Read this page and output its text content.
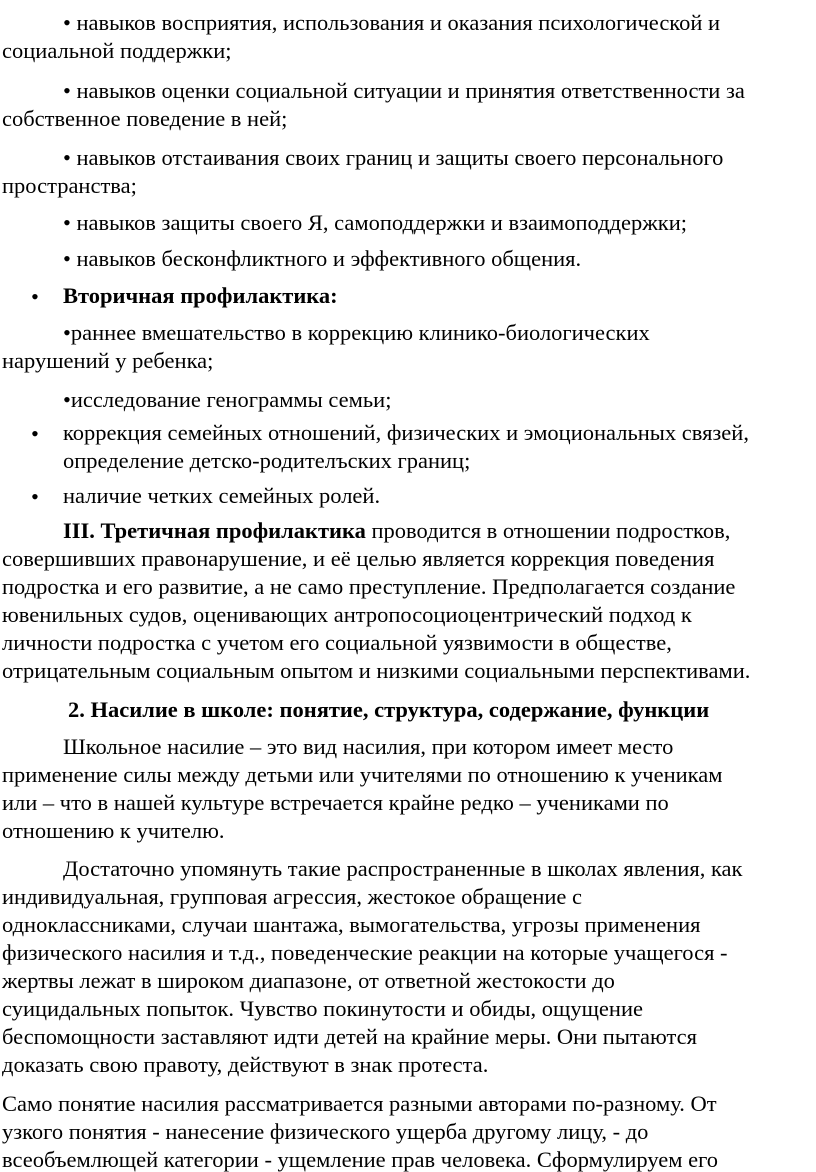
• навыков восприятия, использования и оказания психологической и
социальной поддержки;
• навыков оценки социальной ситуации и принятия ответственности за
собственное поведение в ней;
• навыков отстаивания своих границ и защиты своего персонального
пространства;
• навыков защиты своего Я, самоподдержки и взаимоподдержки;
• навыков бесконфликтного и эффективного общения.
• Вторичная профилактика:
•раннее вмешательство в коррекцию клинико-биологических
нарушений у ребенка;
•исследование генограммы семьи;
• коррекция семейных отношений, физических и эмоциональных связей,
определение детско-родителъских границ;
• наличие четких семейных ролей.
III. Третичная профилактика проводится в отношении подростков,
совершивших правонарушение, и её целью является коррекция поведения
подростка и его развитие, а не само преступление. Предполагается создание
ювенильных судов, оценивающих антропосоциоцентрический подход к
личности подростка с учетом его социальной уязвимости в обществе,
отрицательным социальным опытом и низкими социальными перспективами.
2. Насилие в школе: понятие, структура, содержание, функции
Школьное насилие – это вид насилия, при котором имеет место
применение силы между детьми или учителями по отношению к ученикам
или – что в нашей культуре встречается крайне редко – учениками по
отношению к учителю.
Достаточно упомянуть такие распространенные в школах явления, как
индивидуальная, групповая агрессия, жестокое обращение с
одноклассниками, случаи шантажа, вымогательства, угрозы применения
физического насилия и т.д., поведенческие реакции на которые учащегося -
жертвы лежат в широком диапазоне, от ответной жестокости до
суицидальных попыток. Чувство покинутости и обиды, ощущение
беспомощности заставляют идти детей на крайние меры. Они пытаются
доказать свою правоту, действуют в знак протеста.
Само понятие насилия рассматривается разными авторами по-разному. От
узкого понятия - нанесение физического ущерба другому лицу, - до
всеобъемлющей категории - ущемление прав человека. Сформулируем его
